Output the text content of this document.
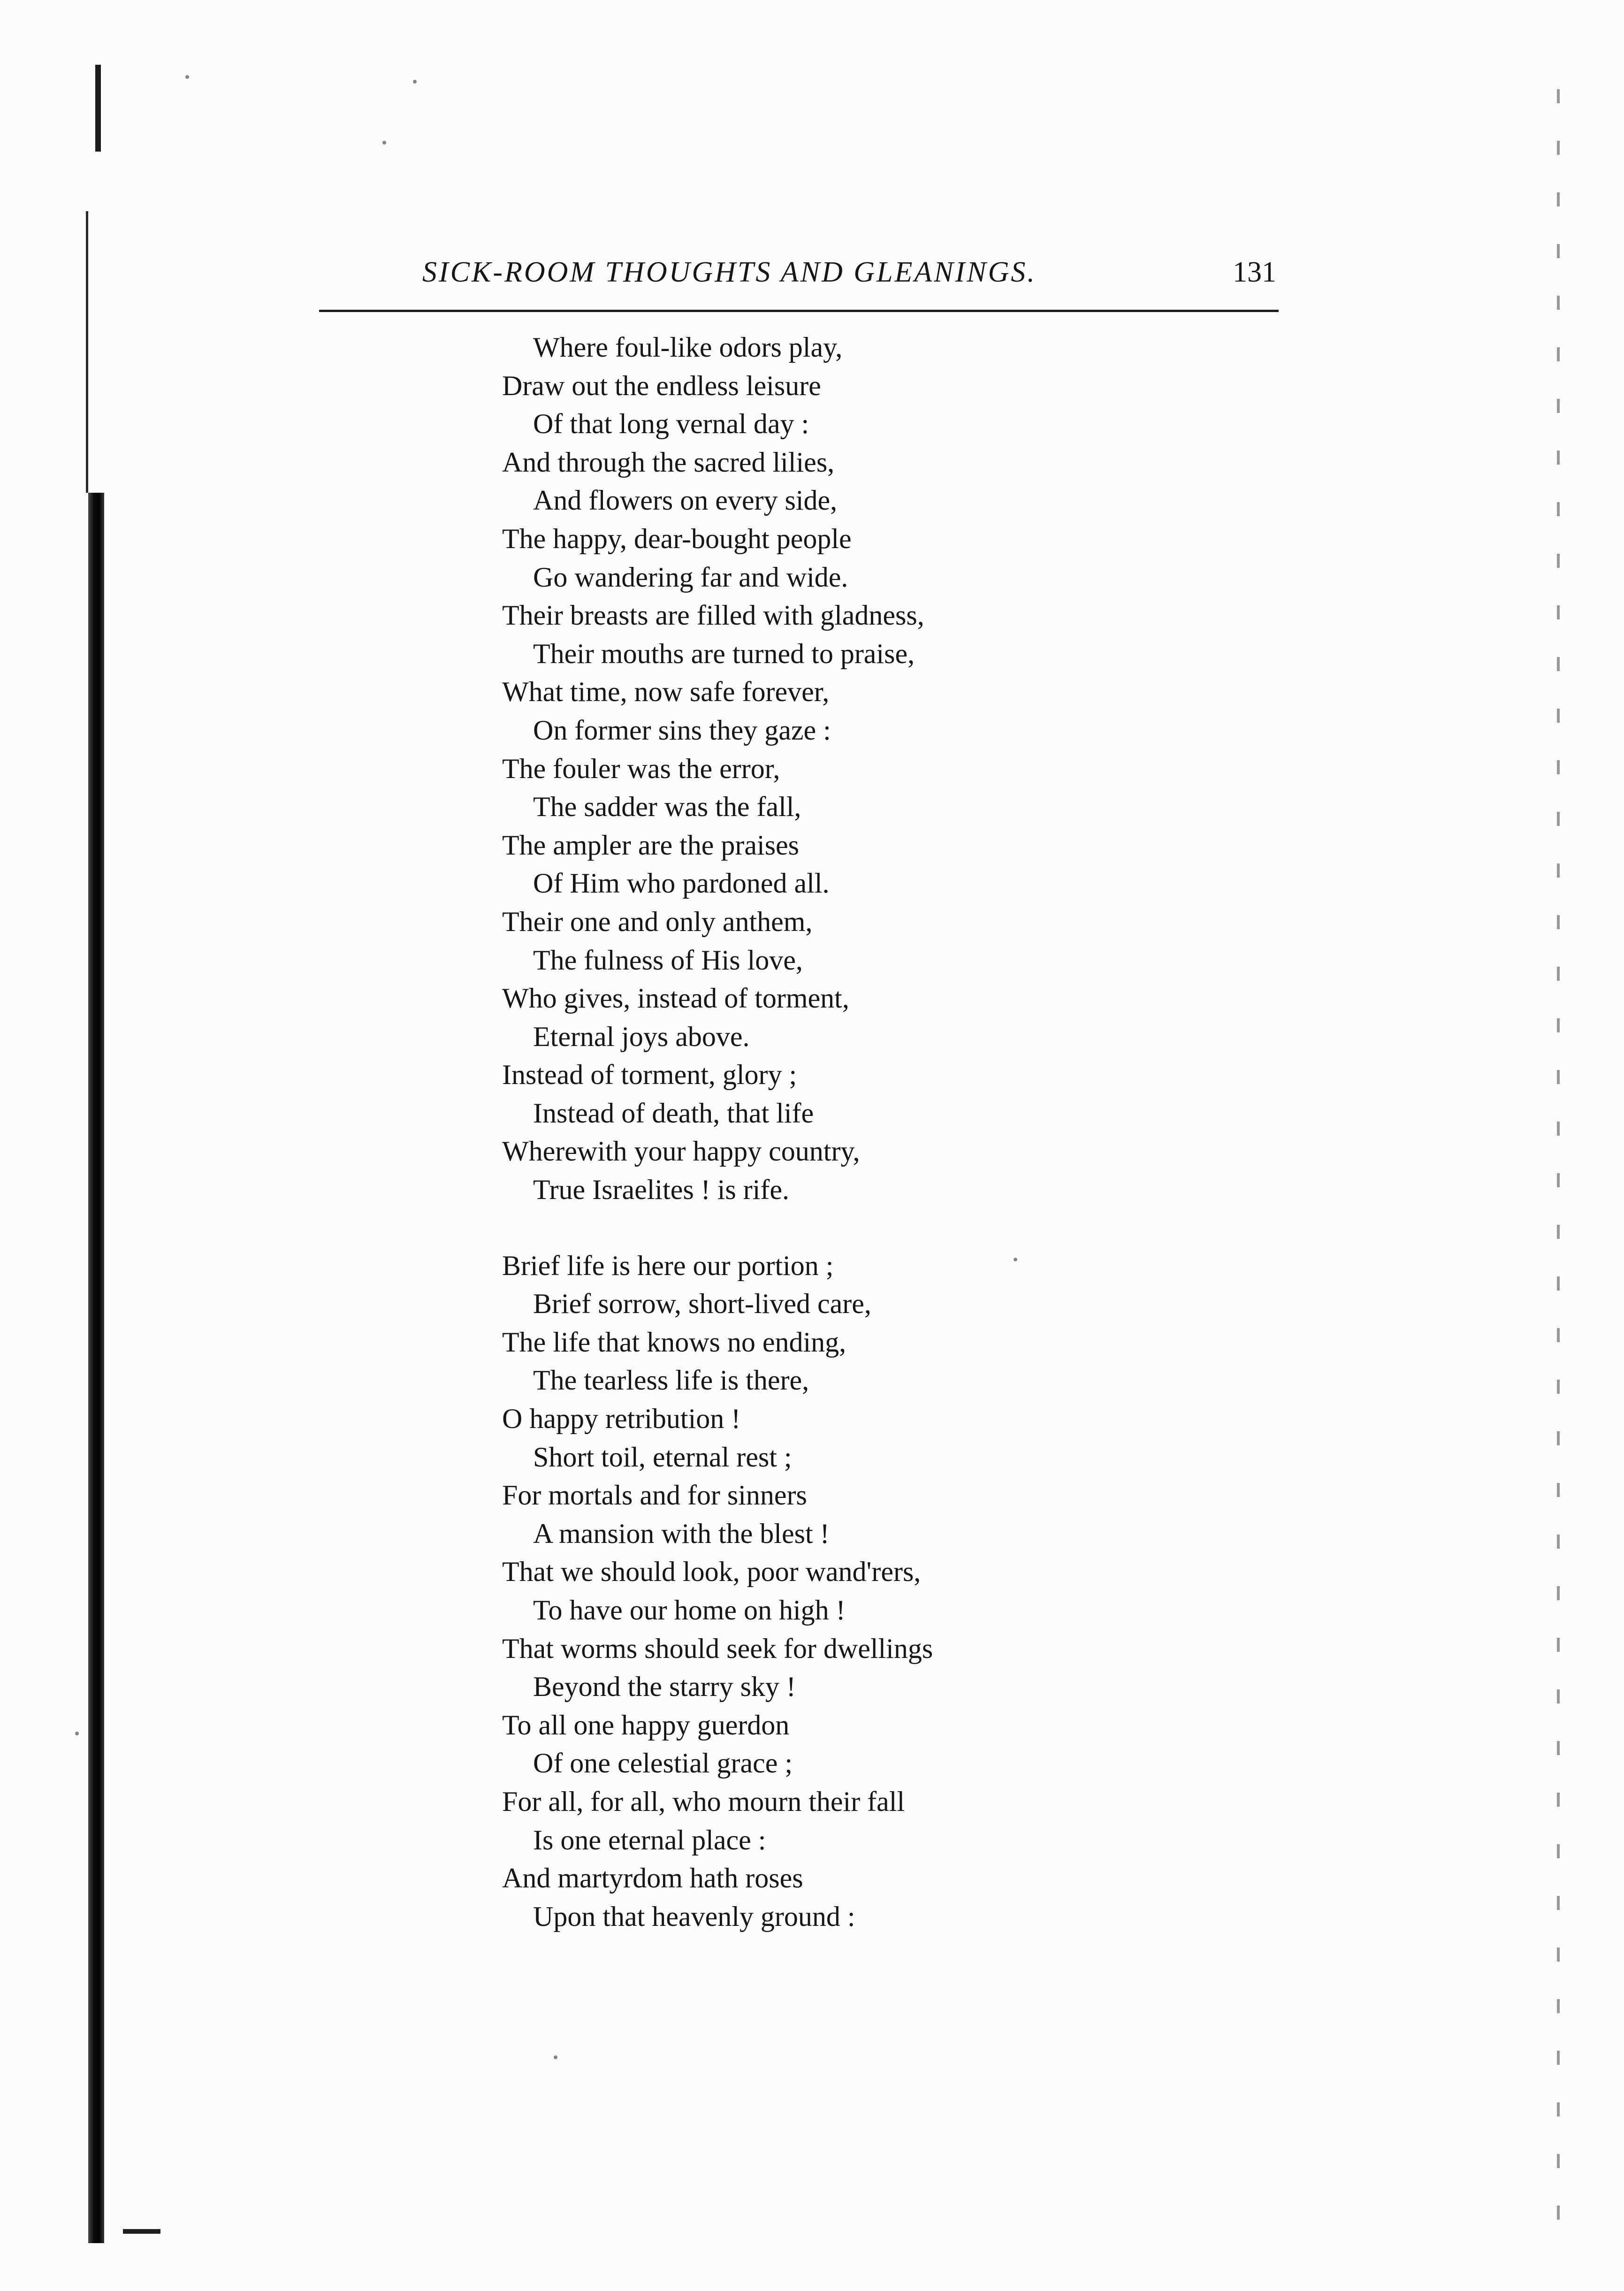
SICK-ROOM THOUGHTS AND GLEANINGS.	131
Where foul-like odors play,
Draw out the endless leisure
Of that long vernal day :
And through the sacred lilies,
And flowers on every side,
The happy, dear-bought people
Go wandering far and wide.
Their breasts are filled with gladness,
Their mouths are turned to praise,
What time, now safe forever,
On former sins they gaze :
The fouler was the error,
The sadder was the fall,
The ampler are the praises
Of Him who pardoned all.
Their one and only anthem,
The fulness of His love,
Who gives, instead of torment,
Eternal joys above.
Instead of torment, glory ;
Instead of death, that life
Wherewith your happy country,
True Israelites ! is rife.
Brief life is here our portion ;
Brief sorrow, short-lived care,
The life that knows no ending,
The tearless life is there,
O happy retribution !
Short toil, eternal rest ;
For mortals and for sinners
A mansion with the blest !
That we should look, poor wand'rers,
To have our home on high !
That worms should seek for dwellings
Beyond the starry sky !
To all one happy guerdon
Of one celestial grace ;
For all, for all, who mourn their fall
Is one eternal place :
And martyrdom hath roses
Upon that heavenly ground :
